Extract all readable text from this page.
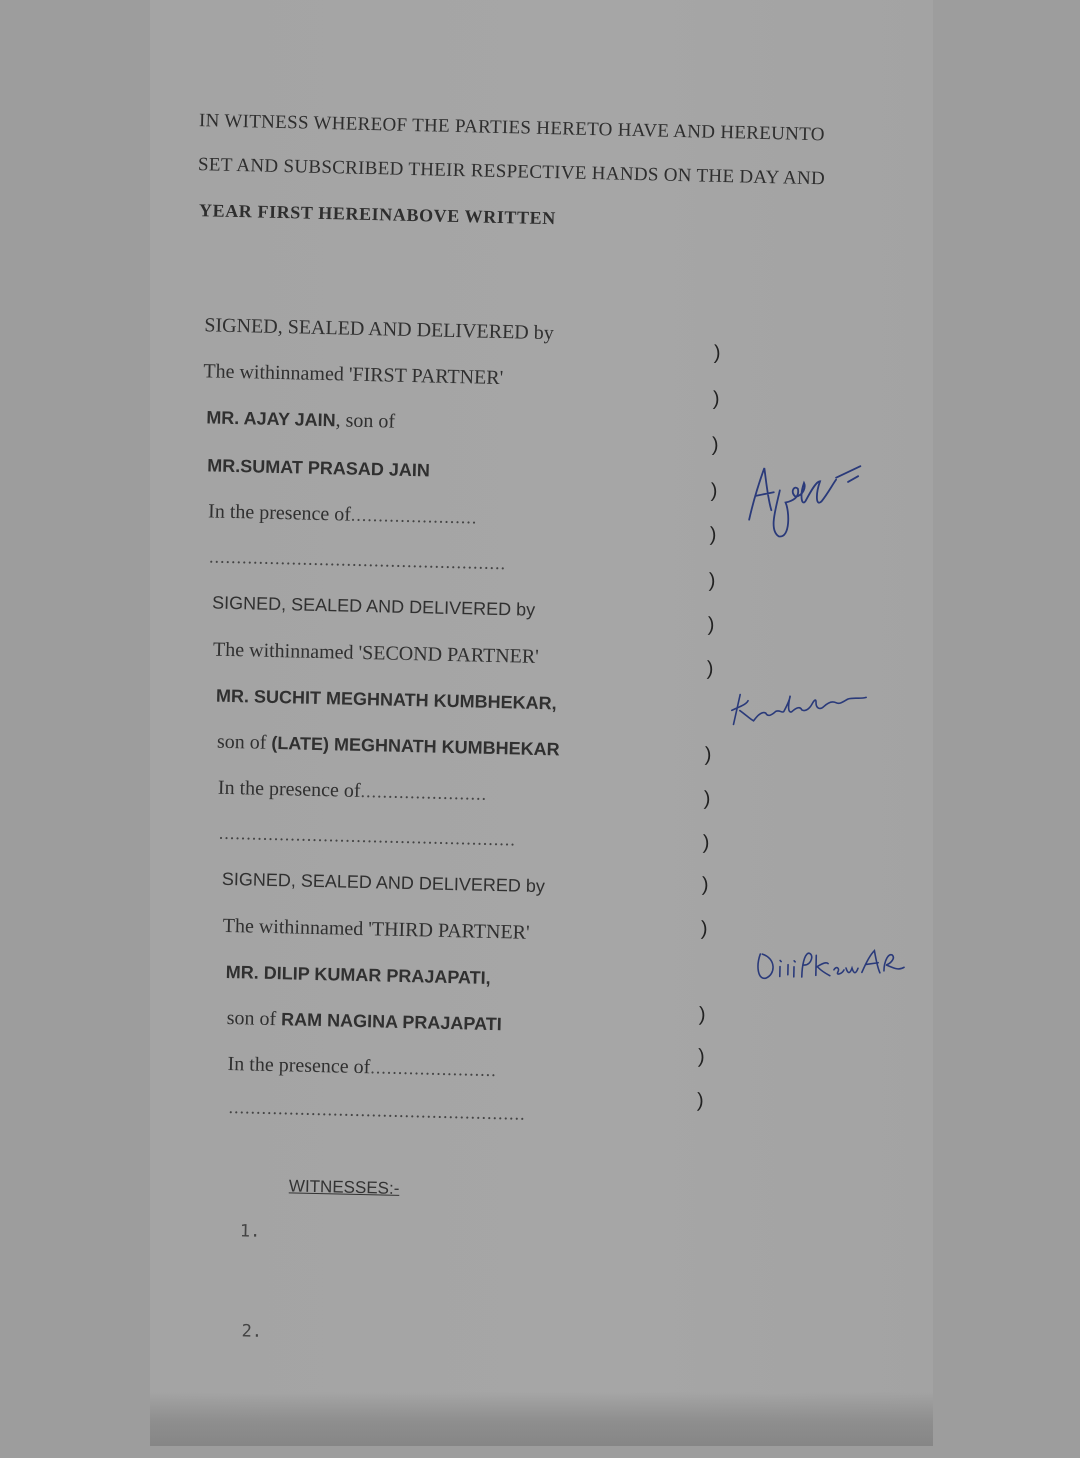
IN WITNESS WHEREOF THE PARTIES HERETO HAVE AND HEREUNTO
SET AND SUBSCRIBED THEIR RESPECTIVE HANDS ON THE DAY AND
YEAR FIRST HEREINABOVE WRITTEN
SIGNED, SEALED AND DELIVERED by
The withinnamed 'FIRST PARTNER'
MR. AJAY JAIN, son of
MR.SUMAT PRASAD JAIN
In the presence of.......................
......................................................
SIGNED, SEALED AND DELIVERED by
The withinnamed 'SECOND PARTNER'
MR. SUCHIT MEGHNATH KUMBHEKAR,
son of (LATE) MEGHNATH KUMBHEKAR
In the presence of.......................
......................................................
SIGNED, SEALED AND DELIVERED by
The withinnamed 'THIRD PARTNER'
MR. DILIP KUMAR PRAJAPATI,
son of RAM NAGINA PRAJAPATI
In the presence of.......................
......................................................
)
)
)
)
)
)
)
)
)
)
)
)
)
)
)
)
WITNESSES:-
1.
2.
